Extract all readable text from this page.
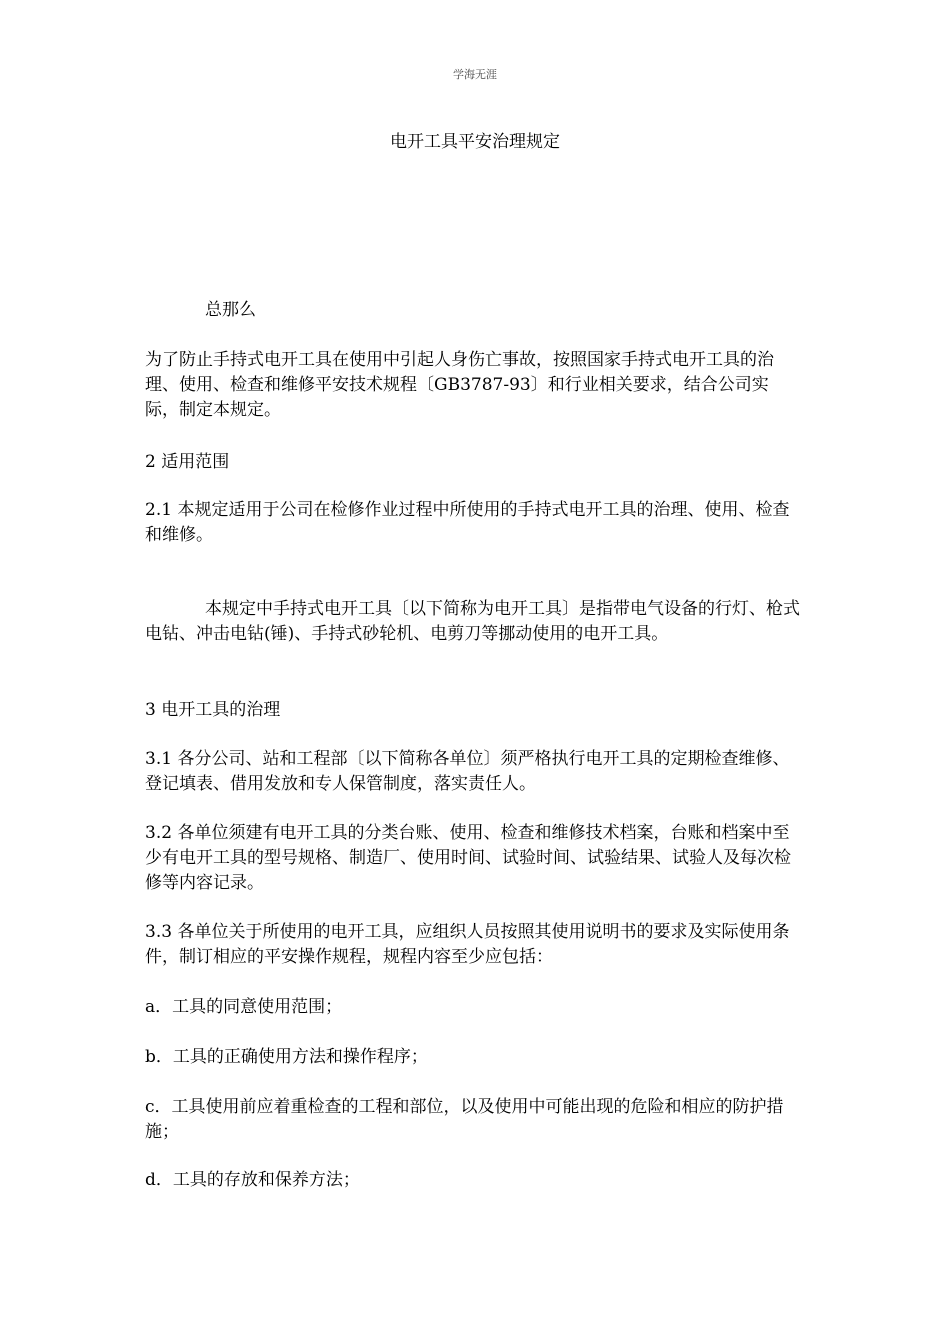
学海无涯
电开工具平安治理规定

总那么

为了防止手持式电开工具在使用中引起人身伤亡事故，按照国家手持式电开工具的治理、使用、检查和维修平安技术规程〔GB3787-93〕和行业相关要求，结合公司实际，制定本规定。

2 适用范围

2.1 本规定适用于公司在检修作业过程中所使用的手持式电开工具的治理、使用、检查和维修。

本规定中手持式电开工具〔以下简称为电开工具〕是指带电气设备的行灯、枪式电钻、冲击电钻(锤)、手持式砂轮机、电剪刀等挪动使用的电开工具。

3 电开工具的治理

3.1 各分公司、站和工程部〔以下简称各单位〕须严格执行电开工具的定期检查维修、登记填表、借用发放和专人保管制度，落实责任人。

3.2 各单位须建有电开工具的分类台账、使用、检查和维修技术档案，台账和档案中至少有电开工具的型号规格、制造厂、使用时间、试验时间、试验结果、试验人及每次检修等内容记录。

3.3 各单位关于所使用的电开工具，应组织人员按照其使用说明书的要求及实际使用条件，制订相应的平安操作规程，规程内容至少应包括：

a．工具的同意使用范围；

b．工具的正确使用方法和操作程序；

c．工具使用前应着重检查的工程和部位，以及使用中可能出现的危险和相应的防护措施；

d．工具的存放和保养方法；
